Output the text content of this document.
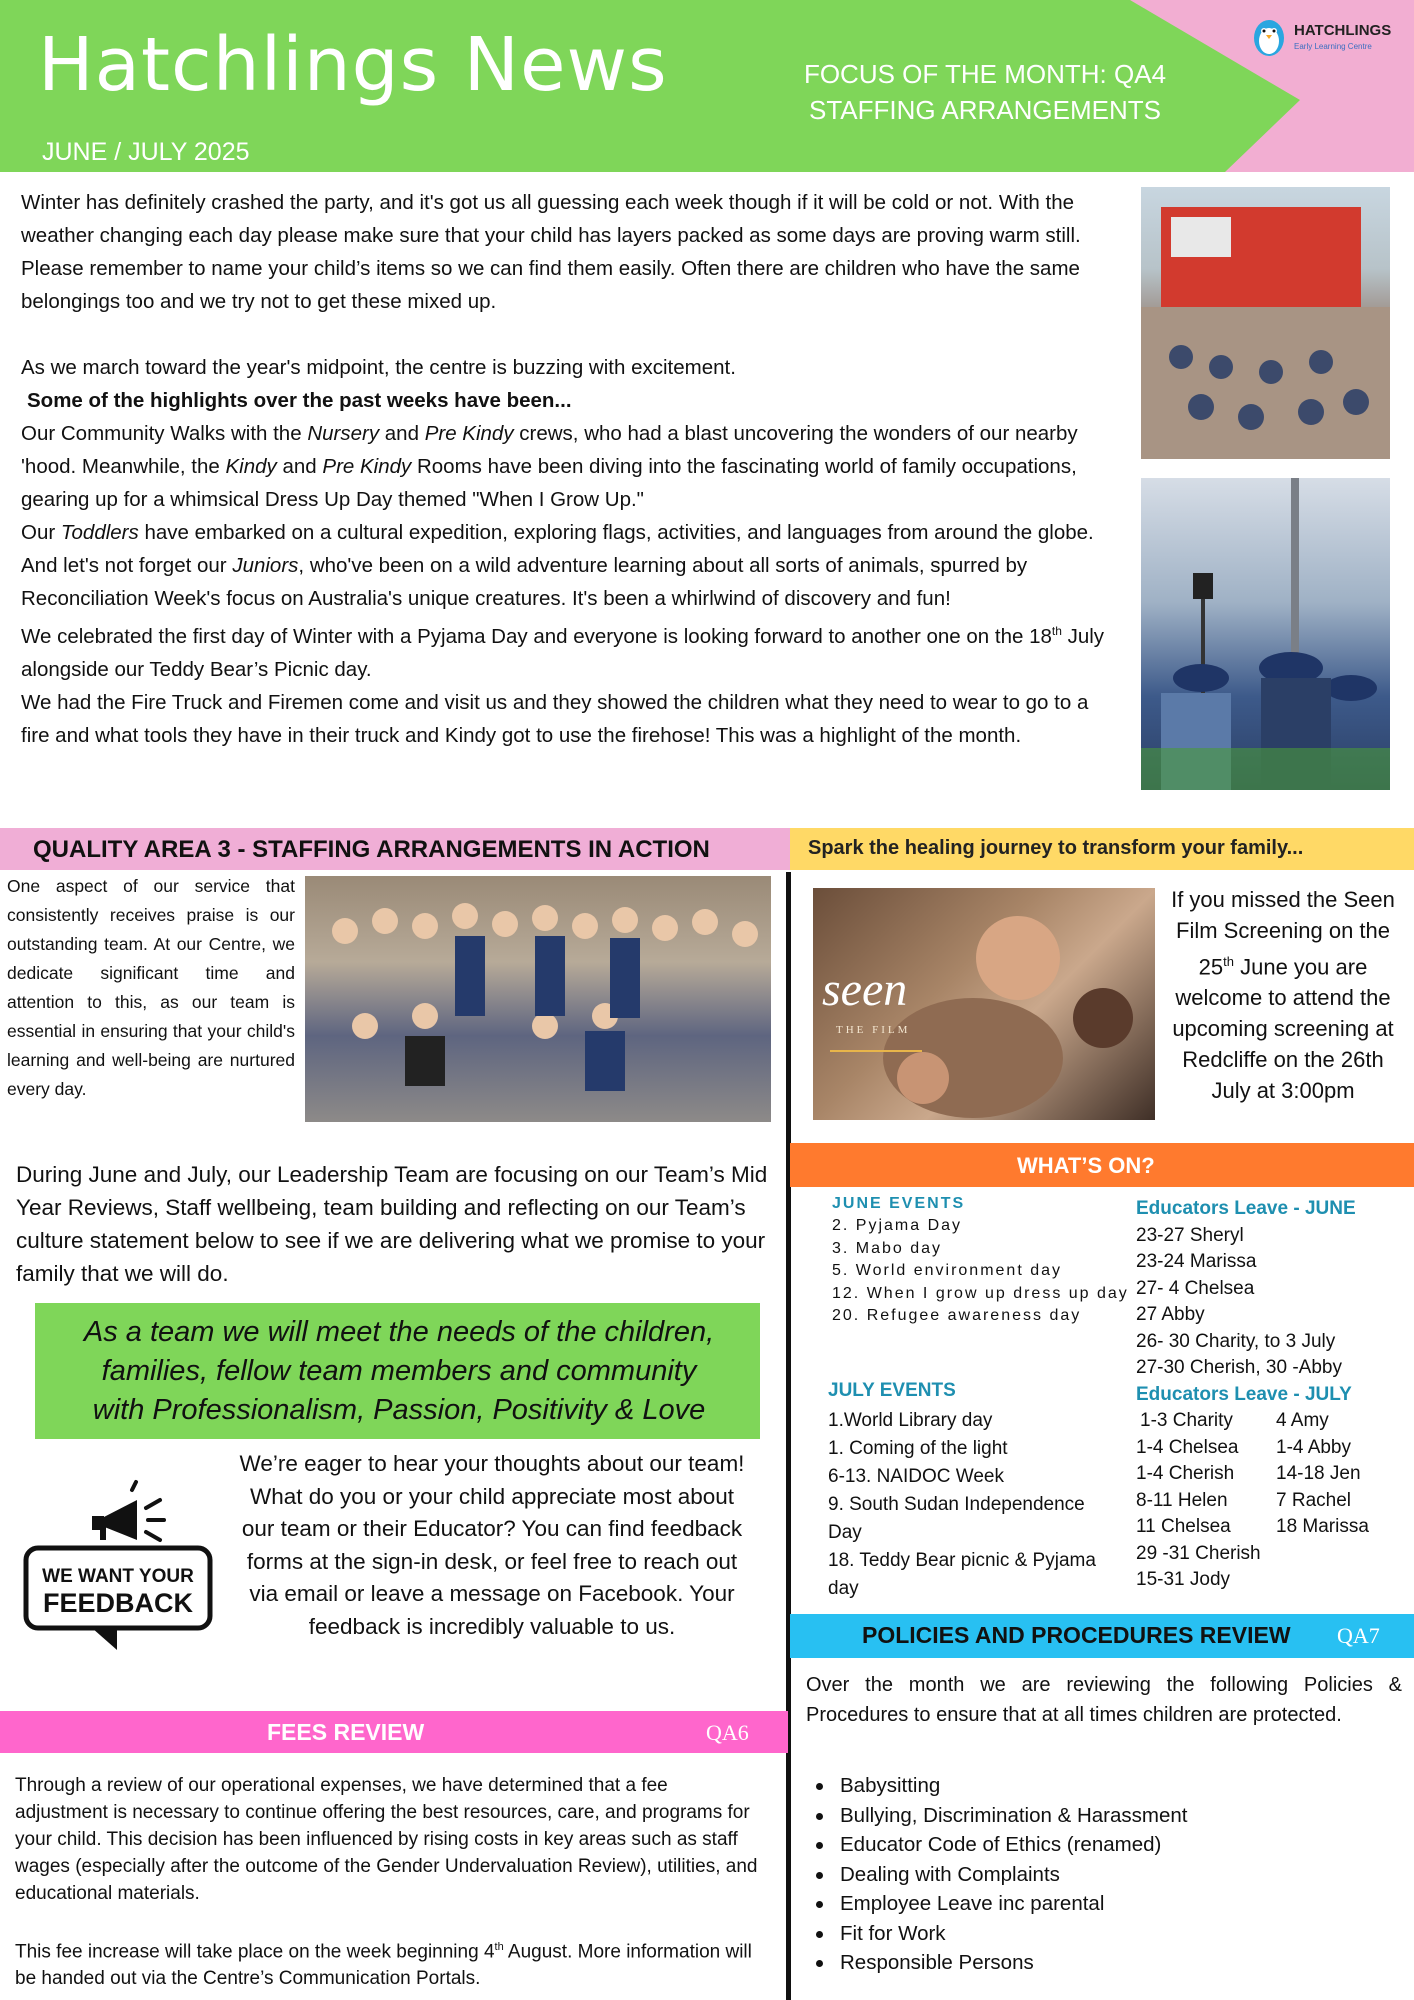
Hatchlings News
JUNE / JULY 2025
FOCUS OF THE MONTH: QA4
STAFFING ARRANGEMENTS
HATCHLINGS
Early Learning Centre

Winter has definitely crashed the party, and it's got us all guessing each week though if it will be cold or not. With the weather changing each day please make sure that your child has layers packed as some days are proving warm still. Please remember to name your child’s items so we can find them easily. Often there are children who have the same belongings too and we try not to get these mixed up.

As we march toward the year's midpoint, the centre is buzzing with excitement.

Some of the highlights over the past weeks have been...

Our Community Walks with the Nursery and Pre Kindy crews, who had a blast uncovering the wonders of our nearby 'hood. Meanwhile, the Kindy and Pre Kindy Rooms have been diving into the fascinating world of family occupations, gearing up for a whimsical Dress Up Day themed "When I Grow Up."

Our Toddlers have embarked on a cultural expedition, exploring flags, activities, and languages from around the globe. And let's not forget our Juniors, who've been on a wild adventure learning about all sorts of animals, spurred by Reconciliation Week's focus on Australia's unique creatures. It's been a whirlwind of discovery and fun!

We celebrated the first day of Winter with a Pyjama Day and everyone is looking forward to another one on the 18th July alongside our Teddy Bear’s Picnic day.

We had the Fire Truck and Firemen come and visit us and they showed the children what they need to wear to go to a fire and what tools they have in their truck and Kindy got to use the firehose! This was a highlight of the month.

QUALITY AREA 3 - STAFFING ARRANGEMENTS IN ACTION	Spark the healing journey to transform your family...
One aspect of our service that consistently receives praise is our outstanding team. At our Centre, we dedicate significant time and attention to this, as our team is essential in ensuring that your child's learning and well-being are nurtured every day.
During June and July, our Leadership Team are focusing on our Team’s Mid Year Reviews, Staff wellbeing, team building and reflecting on our Team’s culture statement below to see if we are delivering what we promise to your family that we will do.
As a team we will meet the needs of the children,
families, fellow team members and community
with Professionalism, Passion, Positivity & Love
WE WANT YOUR
FEEDBACK
We’re eager to hear your thoughts about our team!
What do you or your child appreciate most about our team or their Educator? You can find feedback forms at the sign-in desk, or feel free to reach out via email or leave a message on Facebook. Your feedback is incredibly valuable to us.
FEES REVIEW	QA6

Through a review of our operational expenses, we have determined that a fee adjustment is necessary to continue offering the best resources, care, and programs for your child. This decision has been influenced by rising costs in key areas such as staff wages (especially after the outcome of the Gender Undervaluation Review), utilities, and educational materials.

This fee increase will take place on the week beginning 4th August. More information will be handed out via the Centre’s Communication Portals.

seen
THE FILM
If you missed the Seen Film Screening on the 25th June you are welcome to attend the upcoming screening at Redcliffe on the 26th July at 3:00pm
WHAT’S ON?
JUNE EVENTS
2. Pyjama Day
3. Mabo day
5. World environment day
12. When I grow up dress up day
20. Refugee awareness day
JULY EVENTS
1.World Library day
1. Coming of the light
6-13. NAIDOC Week
9. South Sudan Independence Day
18. Teddy Bear picnic & Pyjama day
Educators Leave - JUNE
23-27 Sheryl
23-24 Marissa
27- 4 Chelsea
27 Abby
26- 30 Charity, to 3 July
27-30 Cherish, 30 -Abby
Educators Leave - JULY
1-3 Charity	4 Amy
1-4 Chelsea	1-4 Abby
1-4 Cherish	14-18 Jen
8-11 Helen	7 Rachel
11 Chelsea	18 Marissa
29 -31 Cherish
15-31 Jody
POLICIES AND PROCEDURES REVIEW QA7
Over the month we are reviewing the following Policies & Procedures to ensure that at all times children are protected.
Babysitting
Bullying, Discrimination & Harassment
Educator Code of Ethics (renamed)
Dealing with Complaints
Employee Leave inc parental
Fit for Work
Responsible Persons
